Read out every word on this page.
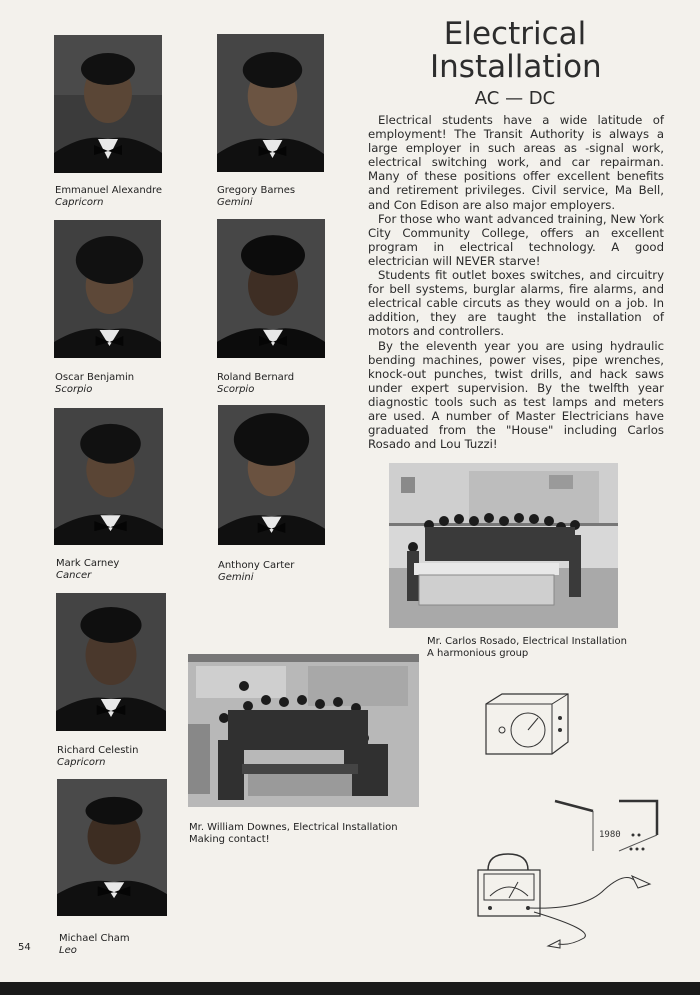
Emmanuel Alexandre
Capricorn
Gregory Barnes
Gemini
Oscar Benjamin
Scorpio
Roland Bernard
Scorpio
Mark Carney
Cancer
Anthony Carter
Gemini
Richard Celestin
Capricorn
Michael Cham
Leo
Electrical
Installation
AC — DC

Electrical students have a wide latitude of employment! The Transit Authority is always a large employer in such areas as -signal work, electrical switching work, and car repairman. Many of these positions offer excellent benefits and retirement privileges. Civil service, Ma Bell, and Con Edison are also major employers.

For those who want advanced training, New York City Community College, offers an excellent program in electrical technology. A good electrician will NEVER starve!

Students fit outlet boxes switches, and circuitry for bell systems, burglar alarms, fire alarms, and electrical cable circuts as they would on a job. In addition, they are taught the installation of motors and controllers.

By the eleventh year you are using hydraulic bending machines, power vises, pipe wrenches, knock-out punches, twist drills, and hack saws under expert supervision. By the twelfth year diagnostic tools such as test lamps and meters are used. A number of Master Electricians have graduated from the "House" including Carlos Rosado and Lou Tuzzi!

Mr. Carlos Rosado, Electrical Installation
A harmonious group
Mr. William Downes, Electrical Installation
Making contact!	1980
54
